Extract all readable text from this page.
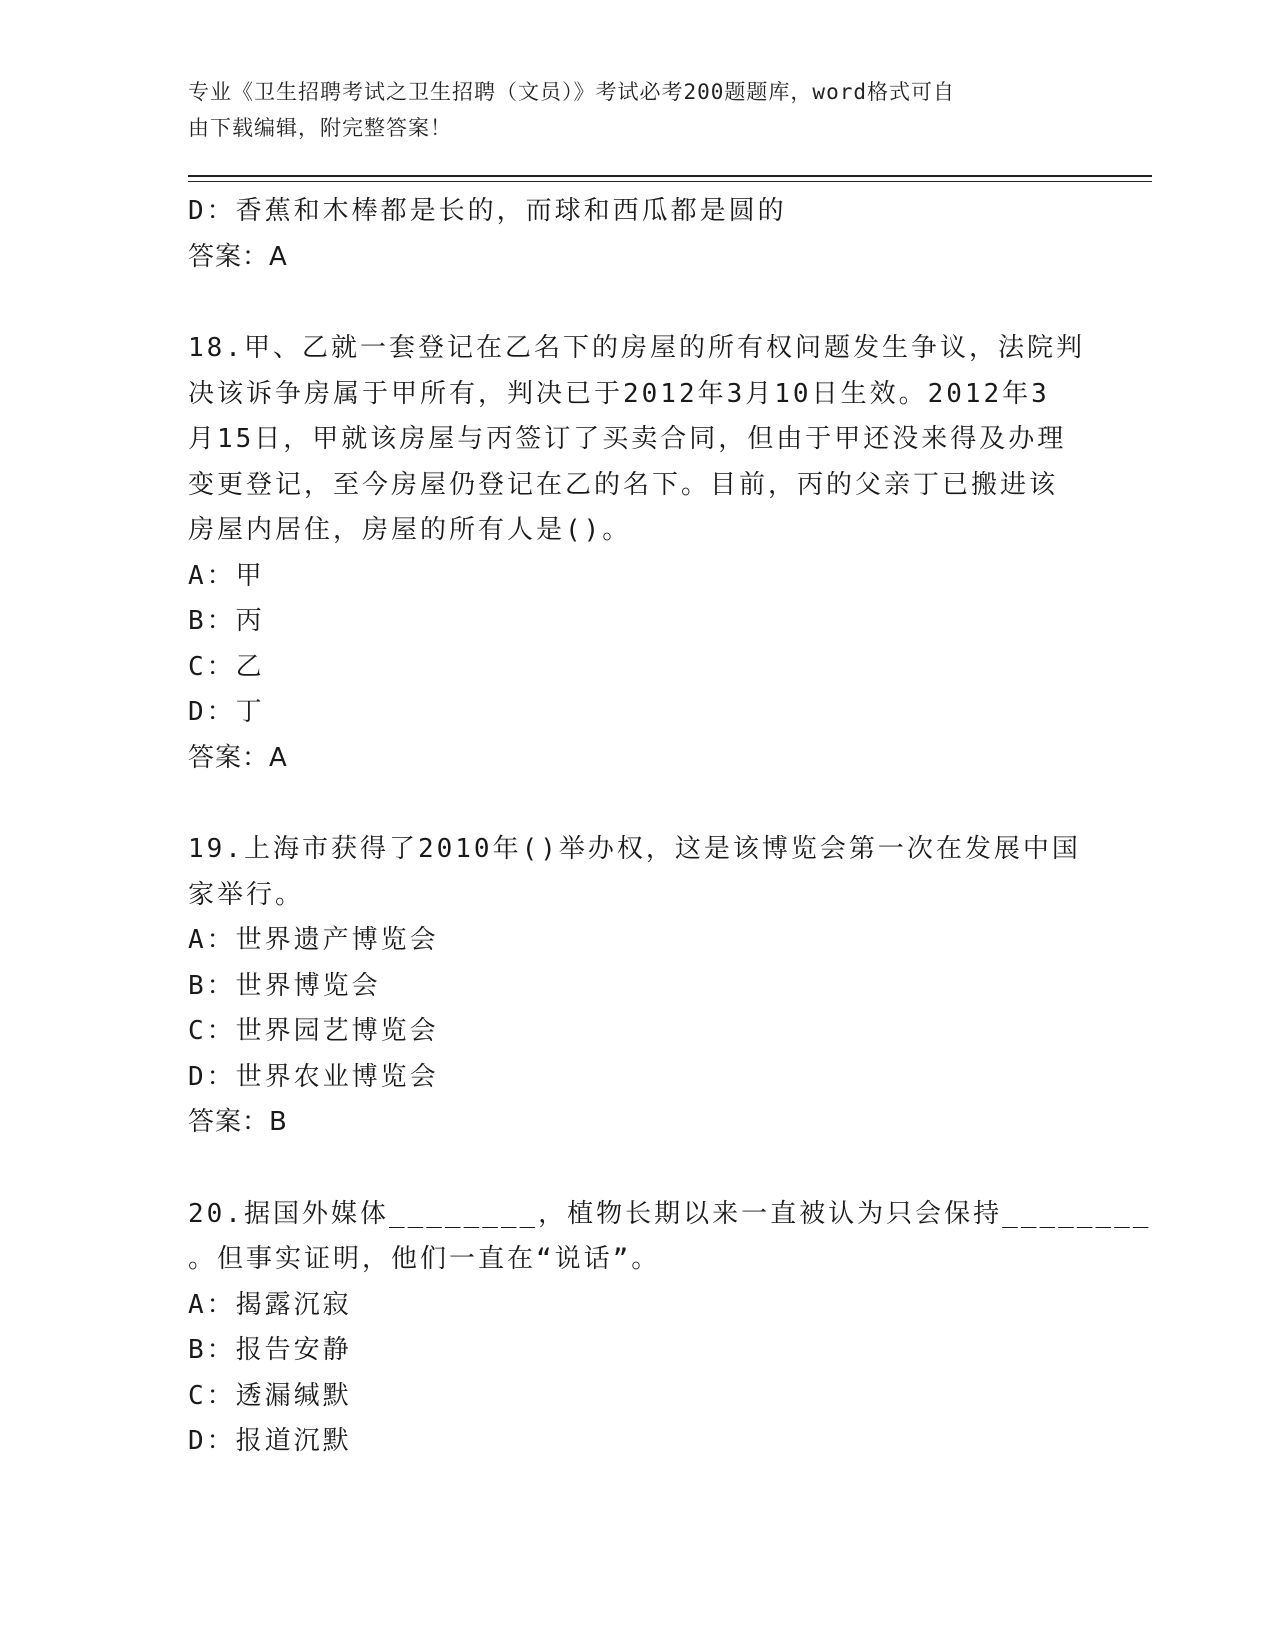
专业《卫生招聘考试之卫生招聘（文员）》考试必考200题题库，word格式可自
由下载编辑，附完整答案！
D：香蕉和木棒都是长的，而球和西瓜都是圆的
答案：A
18.甲、乙就一套登记在乙名下的房屋的所有权问题发生争议，法院判
决该诉争房属于甲所有，判决已于2012年3月10日生效。2012年3
月15日，甲就该房屋与丙签订了买卖合同，但由于甲还没来得及办理
变更登记，至今房屋仍登记在乙的名下。目前，丙的父亲丁已搬进该
房屋内居住，房屋的所有人是()。
A：甲
B：丙
C：乙
D：丁
答案：A
19.上海市获得了2010年()举办权，这是该博览会第一次在发展中国
家举行。
A：世界遗产博览会
B：世界博览会
C：世界园艺博览会
D：世界农业博览会
答案：B
20.据国外媒体________，植物长期以来一直被认为只会保持________
。但事实证明，他们一直在“说话”。
A：揭露沉寂
B：报告安静
C：透漏缄默
D：报道沉默
